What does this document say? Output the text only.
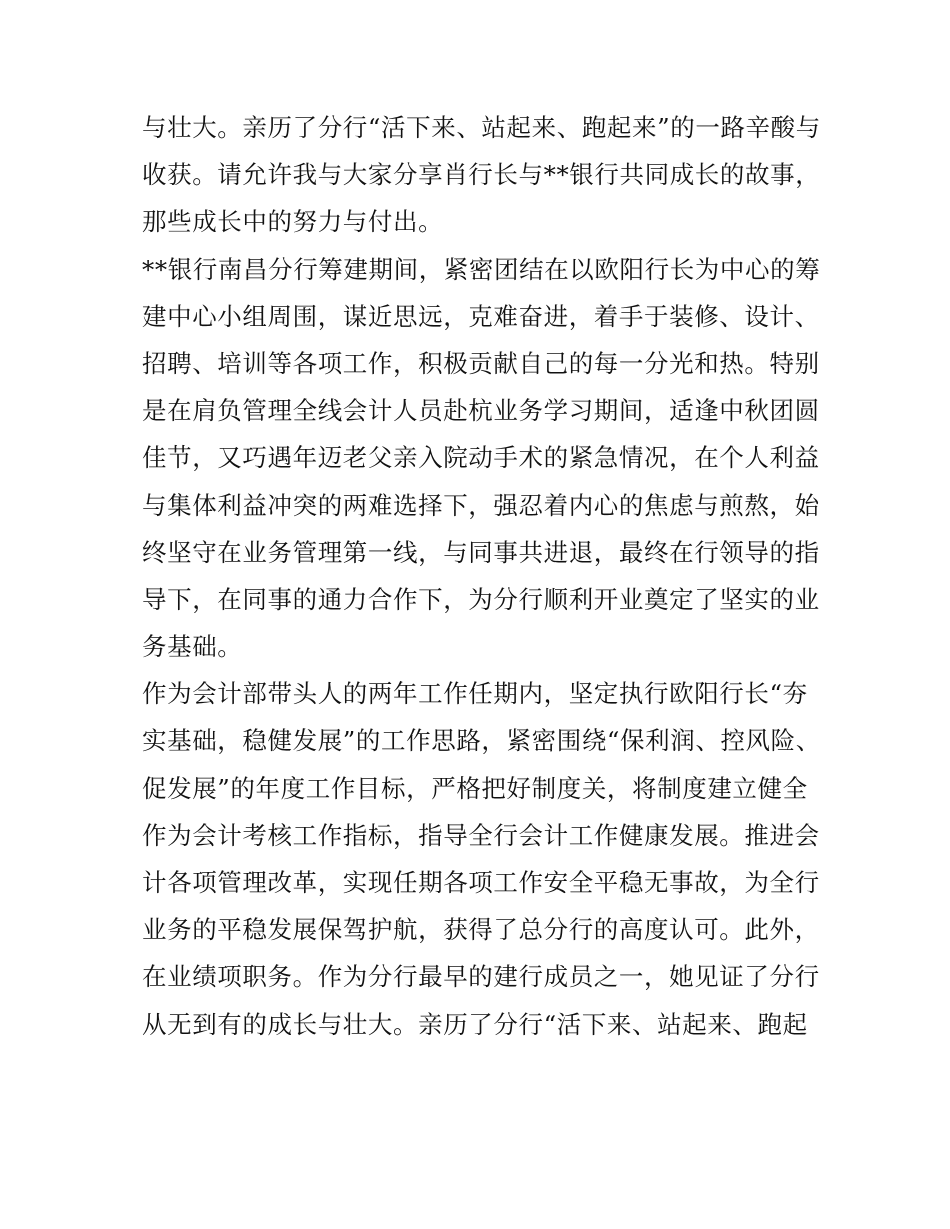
与壮大。亲历了分行“活下来、站起来、跑起来”的一路辛酸与
收获。请允许我与大家分享肖行长与**银行共同成长的故事，
那些成长中的努力与付出。
**银行南昌分行筹建期间，紧密团结在以欧阳行长为中心的筹
建中心小组周围，谋近思远，克难奋进，着手于装修、设计、
招聘、培训等各项工作，积极贡献自己的每一分光和热。特别
是在肩负管理全线会计人员赴杭业务学习期间，适逢中秋团圆
佳节，又巧遇年迈老父亲入院动手术的紧急情况，在个人利益
与集体利益冲突的两难选择下，强忍着内心的焦虑与煎熬，始
终坚守在业务管理第一线，与同事共进退，最终在行领导的指
导下，在同事的通力合作下，为分行顺利开业奠定了坚实的业
务基础。
作为会计部带头人的两年工作任期内，坚定执行欧阳行长“夯
实基础，稳健发展”的工作思路，紧密围绕“保利润、控风险、
促发展”的年度工作目标，严格把好制度关，将制度建立健全
作为会计考核工作指标，指导全行会计工作健康发展。推进会
计各项管理改革，实现任期各项工作安全平稳无事故，为全行
业务的平稳发展保驾护航，获得了总分行的高度认可。此外，
在业绩项职务。作为分行最早的建行成员之一，她见证了分行
从无到有的成长与壮大。亲历了分行“活下来、站起来、跑起
